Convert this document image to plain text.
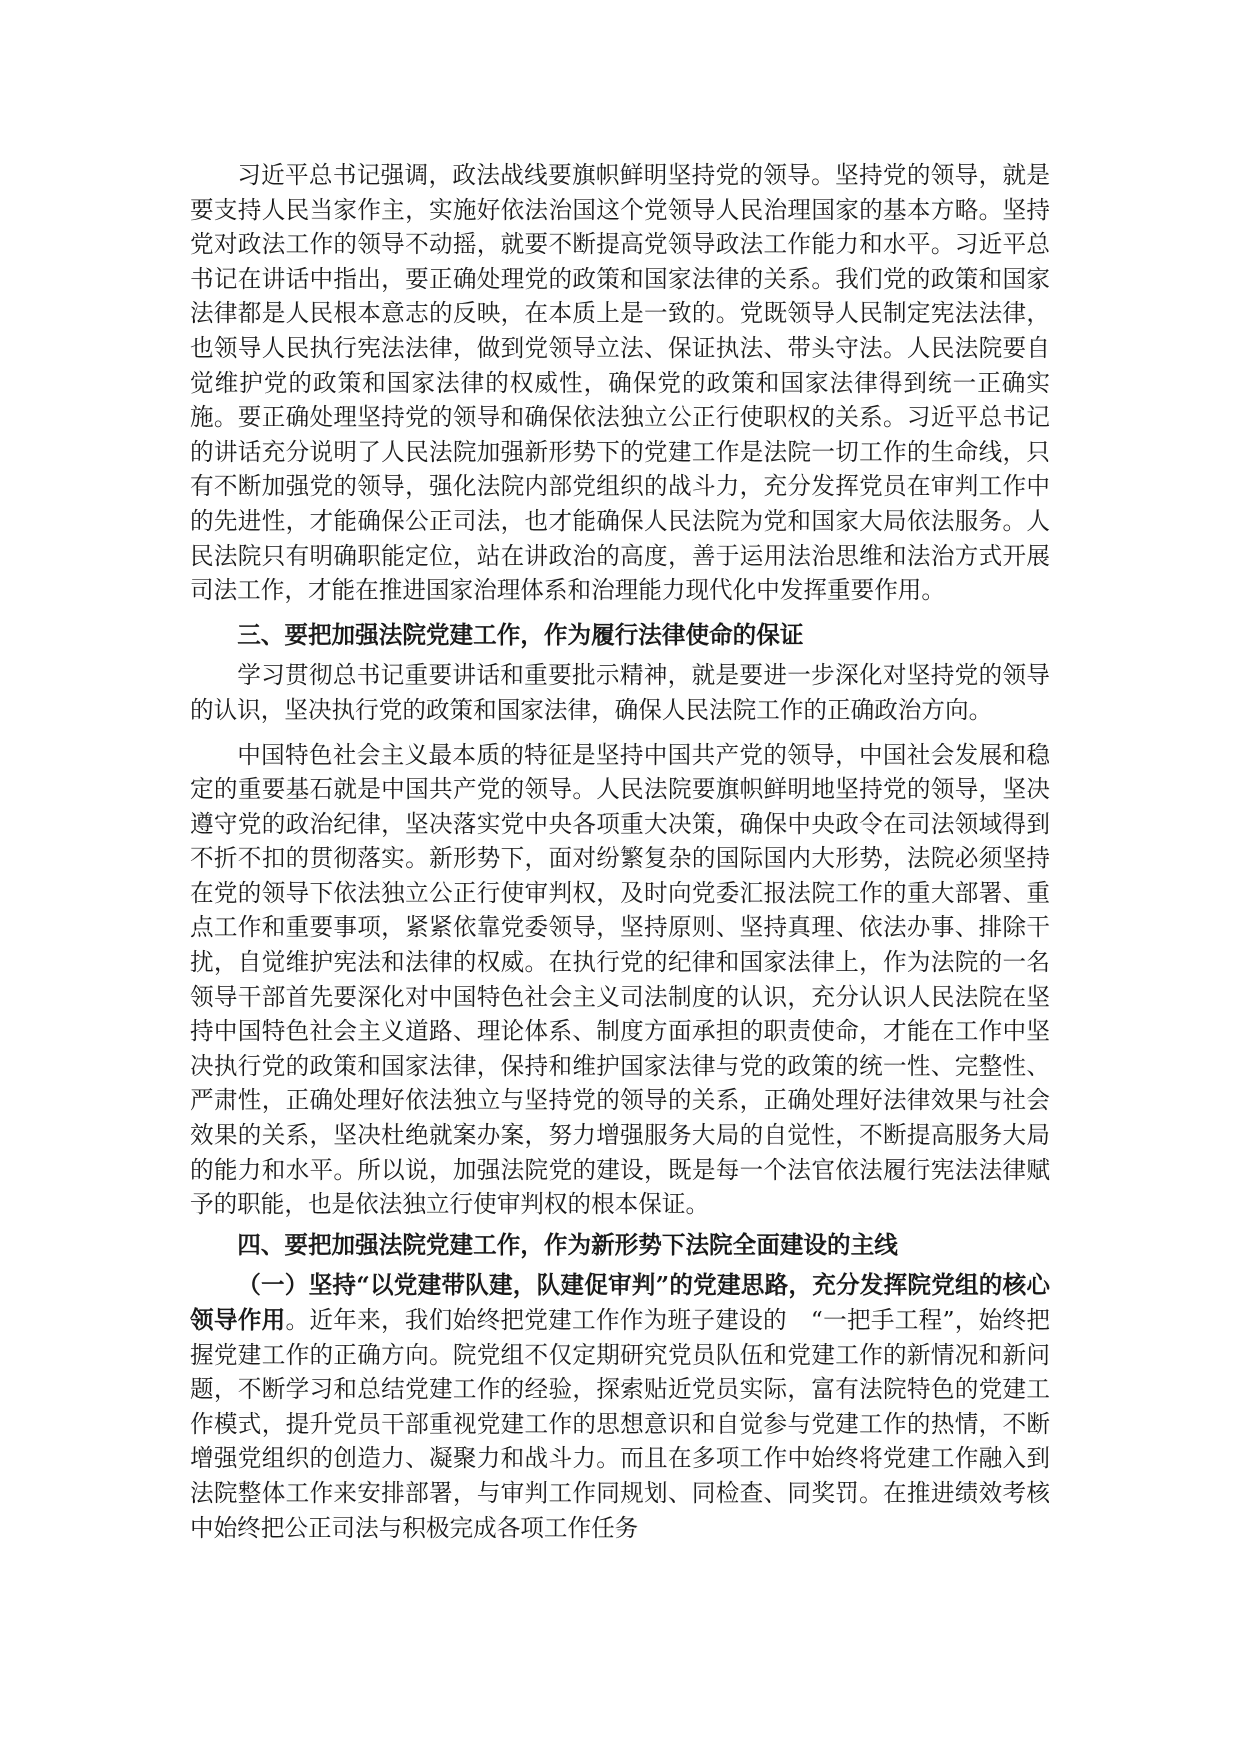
习近平总书记强调，政法战线要旗帜鲜明坚持党的领导。坚持党的领导，就是要支持人民当家作主，实施好依法治国这个党领导人民治理国家的基本方略。坚持党对政法工作的领导不动摇，就要不断提高党领导政法工作能力和水平。习近平总书记在讲话中指出，要正确处理党的政策和国家法律的关系。我们党的政策和国家法律都是人民根本意志的反映，在本质上是一致的。党既领导人民制定宪法法律，也领导人民执行宪法法律，做到党领导立法、保证执法、带头守法。人民法院要自觉维护党的政策和国家法律的权威性，确保党的政策和国家法律得到统一正确实施。要正确处理坚持党的领导和确保依法独立公正行使职权的关系。习近平总书记的讲话充分说明了人民法院加强新形势下的党建工作是法院一切工作的生命线，只有不断加强党的领导，强化法院内部党组织的战斗力，充分发挥党员在审判工作中的先进性，才能确保公正司法，也才能确保人民法院为党和国家大局依法服务。人民法院只有明确职能定位，站在讲政治的高度，善于运用法治思维和法治方式开展司法工作，才能在推进国家治理体系和治理能力现代化中发挥重要作用。

三、要把加强法院党建工作，作为履行法律使命的保证

学习贯彻总书记重要讲话和重要批示精神，就是要进一步深化对坚持党的领导的认识，坚决执行党的政策和国家法律，确保人民法院工作的正确政治方向。

中国特色社会主义最本质的特征是坚持中国共产党的领导，中国社会发展和稳定的重要基石就是中国共产党的领导。人民法院要旗帜鲜明地坚持党的领导，坚决遵守党的政治纪律，坚决落实党中央各项重大决策，确保中央政令在司法领域得到不折不扣的贯彻落实。新形势下，面对纷繁复杂的国际国内大形势，法院必须坚持在党的领导下依法独立公正行使审判权，及时向党委汇报法院工作的重大部署、重点工作和重要事项，紧紧依靠党委领导，坚持原则、坚持真理、依法办事、排除干扰，自觉维护宪法和法律的权威。在执行党的纪律和国家法律上，作为法院的一名领导干部首先要深化对中国特色社会主义司法制度的认识，充分认识人民法院在坚持中国特色社会主义道路、理论体系、制度方面承担的职责使命，才能在工作中坚决执行党的政策和国家法律，保持和维护国家法律与党的政策的统一性、完整性、严肃性，正确处理好依法独立与坚持党的领导的关系，正确处理好法律效果与社会效果的关系，坚决杜绝就案办案，努力增强服务大局的自觉性，不断提高服务大局的能力和水平。所以说，加强法院党的建设，既是每一个法官依法履行宪法法律赋予的职能，也是依法独立行使审判权的根本保证。

四、要把加强法院党建工作，作为新形势下法院全面建设的主线

（一）坚持“以党建带队建，队建促审判”的党建思路，充分发挥院党组的核心领导作用。近年来，我们始终把党建工作作为班子建设的　“一把手工程”，始终把握党建工作的正确方向。院党组不仅定期研究党员队伍和党建工作的新情况和新问题，不断学习和总结党建工作的经验，探索贴近党员实际，富有法院特色的党建工作模式，提升党员干部重视党建工作的思想意识和自觉参与党建工作的热情，不断增强党组织的创造力、凝聚力和战斗力。而且在多项工作中始终将党建工作融入到法院整体工作来安排部署，与审判工作同规划、同检查、同奖罚。在推进绩效考核中始终把公正司法与积极完成各项工作任务
